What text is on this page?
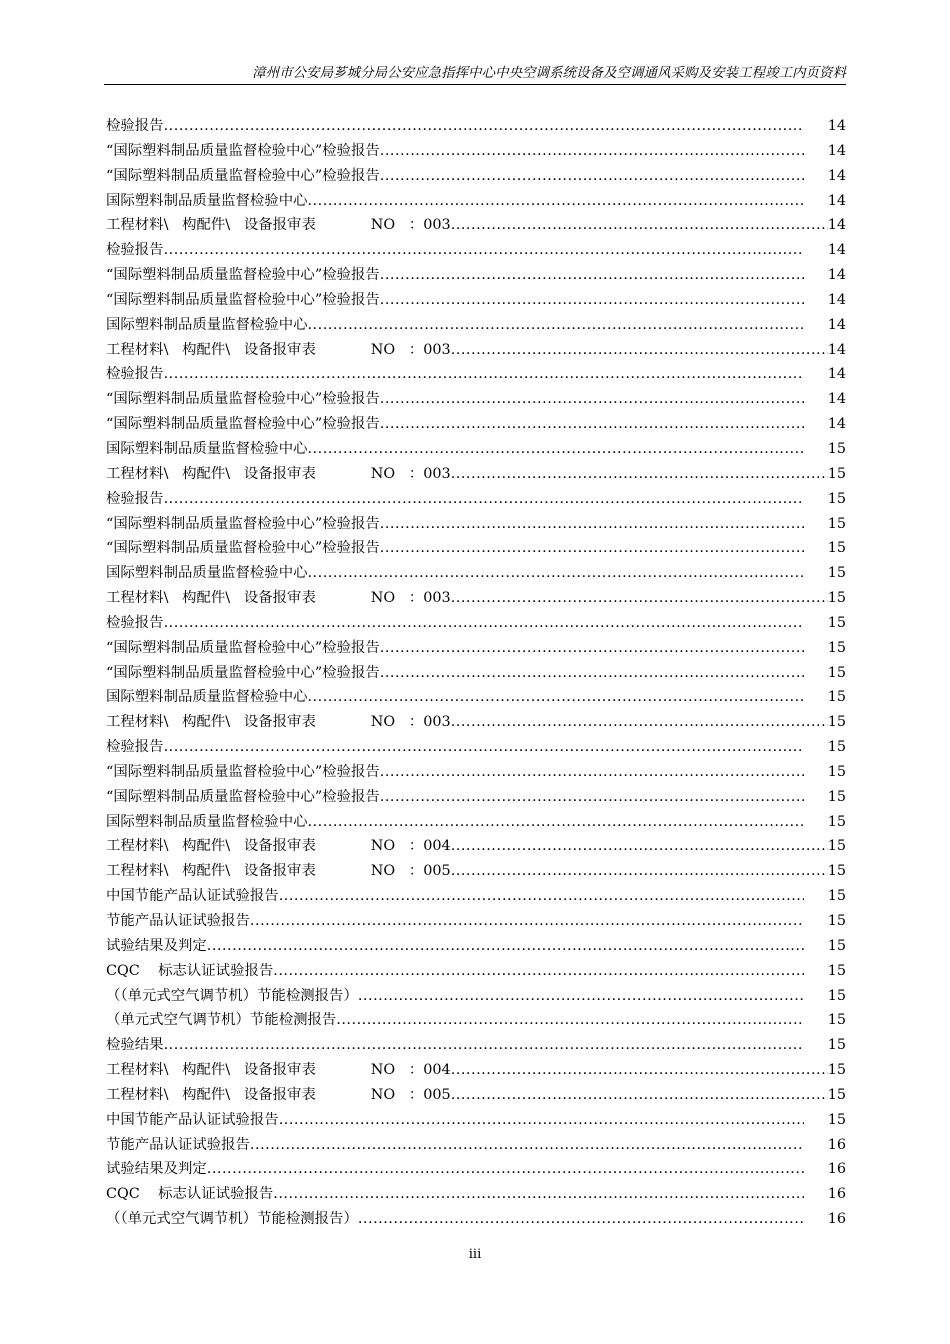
漳州市公安局芗城分局公安应急指挥中心中央空调系统设备及空调通风采购及安装工程竣工内页资料
检验报告 .....	14
“国际塑料制品质量监督检验中心”检验报告 .....	14
“国际塑料制品质量监督检验中心”检验报告 .....	14
国际塑料制品质量监督检验中心 .....	14
工程材料\   构配件\   设备报审表            NO   ：003 .....	14
检验报告 .....	14
“国际塑料制品质量监督检验中心”检验报告 .....	14
“国际塑料制品质量监督检验中心”检验报告 .....	14
国际塑料制品质量监督检验中心 .....	14
工程材料\   构配件\   设备报审表            NO   ：003 .....	14
检验报告 .....	14
“国际塑料制品质量监督检验中心”检验报告 .....	14
“国际塑料制品质量监督检验中心”检验报告 .....	14
国际塑料制品质量监督检验中心 .....	15
工程材料\   构配件\   设备报审表            NO   ：003 .....	15
检验报告 .....	15
“国际塑料制品质量监督检验中心”检验报告 .....	15
“国际塑料制品质量监督检验中心”检验报告 .....	15
国际塑料制品质量监督检验中心 .....	15
工程材料\   构配件\   设备报审表            NO   ：003 .....	15
检验报告 .....	15
“国际塑料制品质量监督检验中心”检验报告 .....	15
“国际塑料制品质量监督检验中心”检验报告 .....	15
国际塑料制品质量监督检验中心 .....	15
工程材料\   构配件\   设备报审表            NO   ：003 .....	15
检验报告 .....	15
“国际塑料制品质量监督检验中心”检验报告 .....	15
“国际塑料制品质量监督检验中心”检验报告 .....	15
国际塑料制品质量监督检验中心 .....	15
工程材料\   构配件\   设备报审表            NO   ：004 .....	15
工程材料\   构配件\   设备报审表            NO   ：005 .....	15
中国节能产品认证试验报告 .....	15
节能产品认证试验报告 .....	15
试验结果及判定 .....	15
CQC    标志认证试验报告 .....	15
（（单元式空气调节机）节能检测报告） .....	15
（单元式空气调节机）节能检测报告 .....	15
检验结果 .....	15
工程材料\   构配件\   设备报审表            NO   ：004 .....	15
工程材料\   构配件\   设备报审表            NO   ：005 .....	15
中国节能产品认证试验报告 .....	15
节能产品认证试验报告 .....	16
试验结果及判定 .....	16
CQC    标志认证试验报告 .....	16
（（单元式空气调节机）节能检测报告） .....	16
iii
